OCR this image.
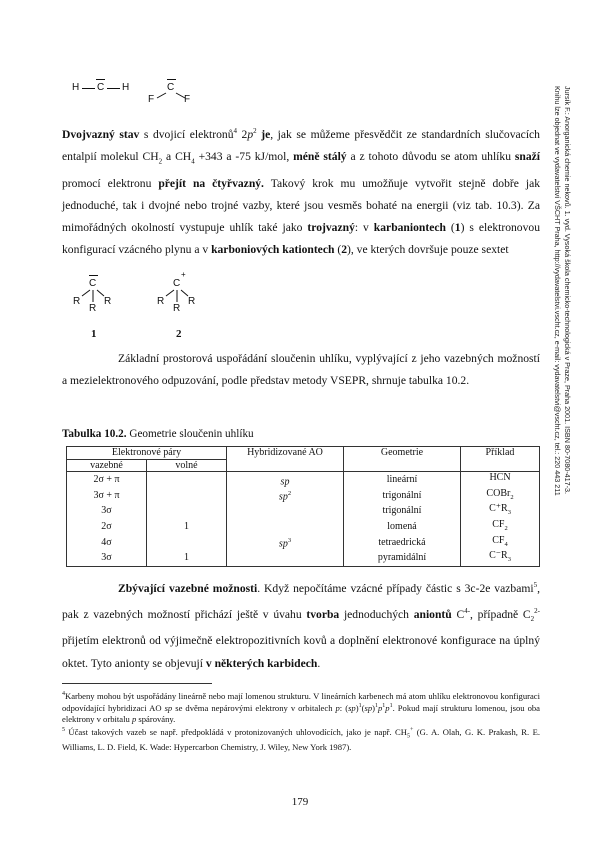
Jursík F.: Anorganická chemie nekovů. 1. vyd. Vysoká škola chemicko-technologická v Praze, Praha 2001. ISBN 80-7080-417-3.
Knihu lze objednat ve vydavatelství VŠCHT Praha, http://vydavatelstvi.vscht.cz, e-mail: vydavatelstvi@vscht.cz, tel.: 220 443 211
H C H	C
F	F
Dvojvazný stav s dvojicí elektronů$^4$ $2p^2$ je, jak se můžeme přesvědčit ze standardních slučovacích entalpií molekul $CH_2$ a $CH_4 +343$ a -75 kJ/mol, méně stálý a z tohoto důvodu se atom uhlíku snaží promocí elektronu přejít na čtyřvazný. Takový krok mu umožňuje vytvořit stejně dobře jak jednoduché, tak i dvojné nebo trojné vazby, které jsou vesměs bohaté na energii (viz tab. 10.3). Za mimořádných okolností vystupuje uhlík také jako trojvazný: v karbaniontech (1) s elektronovou konfigurací vzácného plynu a v karboniových kationtech (2), ve kterých dovršuje pouze sextet
C
R
R
R
1
+
C
R
R
R
2
Základní prostorová uspořádání sloučenin uhlíku, vyplývající z jeho vazebných možností a mezielektronového odpuzování, podle představ metody VSEPR, shrnuje tabulka 10.2.
Tabulka 10.2. Geometrie sloučenin uhlíku
Elektronové páry		Hybridizované AO	Geometrie	Příklad
vazebné	volné			
2σ + π		sp	lineární	HCN
3σ + π		$sp^2$	trigonální	COBr$_2$
3σ			trigonální	$C^+R_3$
2σ	1		lomená	$CF_2$
4σ		$sp^3$	tetraedrická	$CF_4$
3σ	1		pyramidální	$C^-R_3$
Zbývající vazebné možnosti. Když nepočítáme vzácné případy částic s 3c-2e vazbami$^5$, pak z vazebných možností přichází ještě v úvahu tvorba jednoduchých aniontů $C^{4-}$, případně $C_2^{2-}$ přijetím elektronů od výjimečně elektropozitivních kovů a doplnění elektronové konfigurace na úplný oktet. Tyto anionty se objevují v některých karbidech.
$^4$Karbeny mohou být uspořádány lineárně nebo mají lomenou strukturu. V lineárních karbenech má atom uhlíku elektronovou konfiguraci odpovídající hybridizaci AO sp se dvěma nepárovými elektrony v orbitalech p: $(sp)^1(sp)^1p^1p^1$. Pokud mají strukturu lomenou, jsou oba elektrony v orbitalu p spárovány.
$^5$ Účast takových vazeb se např. předpokládá v protonizovaných uhlovodících, jako je např. $CH_5^+$ (G. A. Olah, G. K. Prakash, R. E. Williams, L. D. Field, K. Wade: Hypercarbon Chemistry, J. Wiley, New York 1987).
179
